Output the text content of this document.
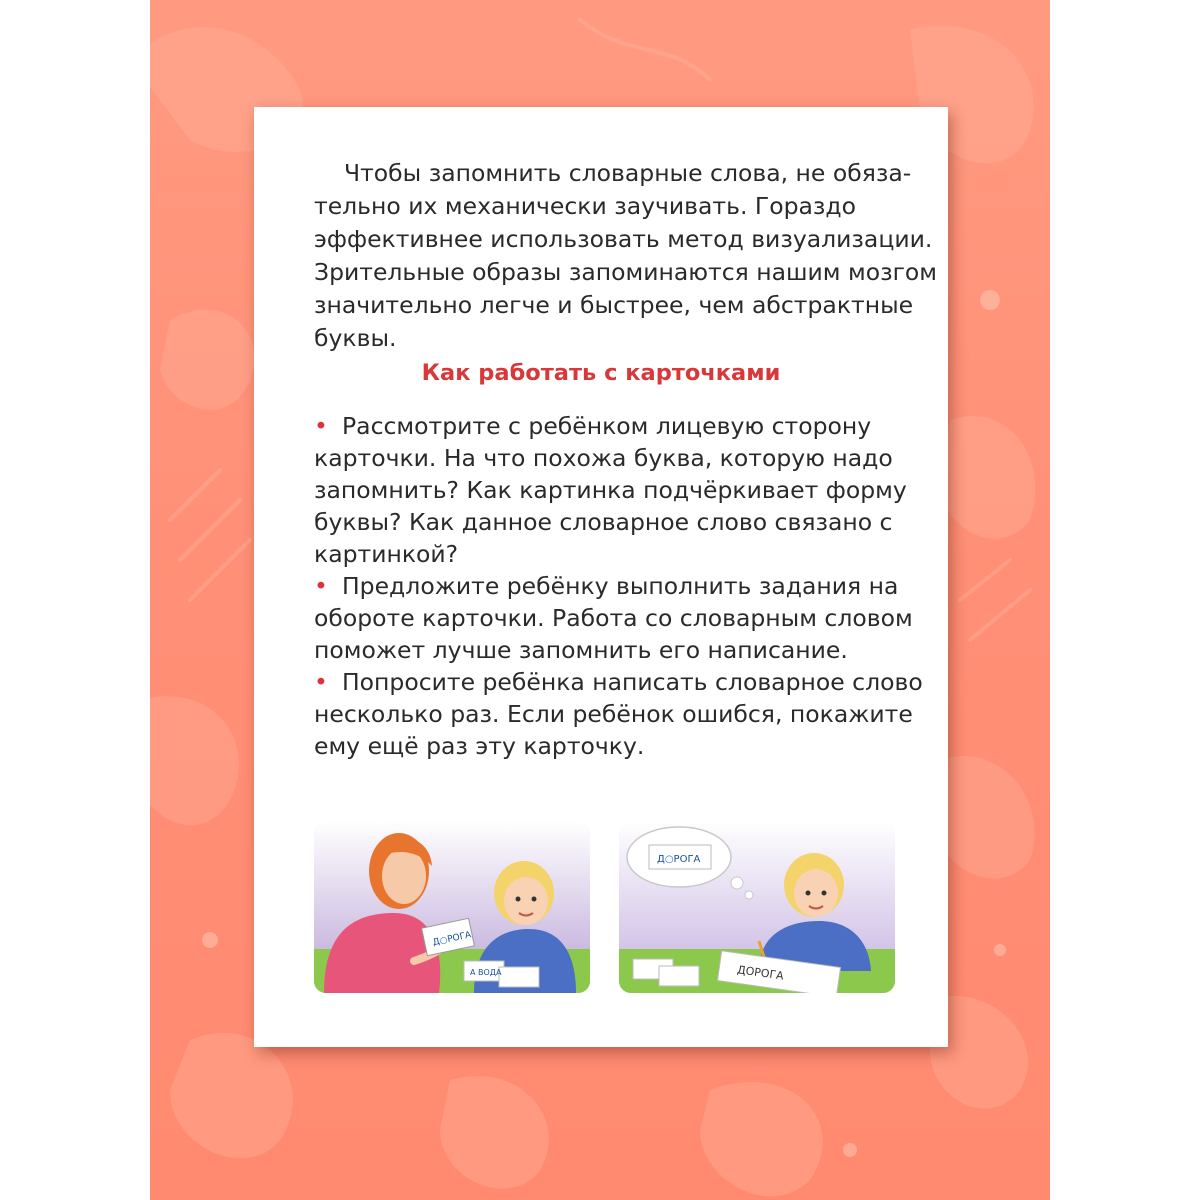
Чтобы запомнить словарные слова, не обяза-
тельно их механически заучивать. Гораздо
эффективнее использовать метод визуализации.
Зрительные образы запоминаются нашим мозгом
значительно легче и быстрее, чем абстрактные
буквы.

Как работать с карточками
• Рассмотрите с ребёнком лицевую сторону
карточки. На что похожа буква, которую надо
запомнить? Как картинка подчёркивает форму
буквы? Как данное словарное слово связано с
картинкой?
• Предложите ребёнку выполнить задания на
обороте карточки. Работа со словарным словом
поможет лучше запомнить его написание.
• Попросите ребёнка написать словарное слово
несколько раз. Если ребёнок ошибся, покажите
ему ещё раз эту карточку.
Д○РОГА
А ВОДА
Д○РОГА
ДОРОГА
